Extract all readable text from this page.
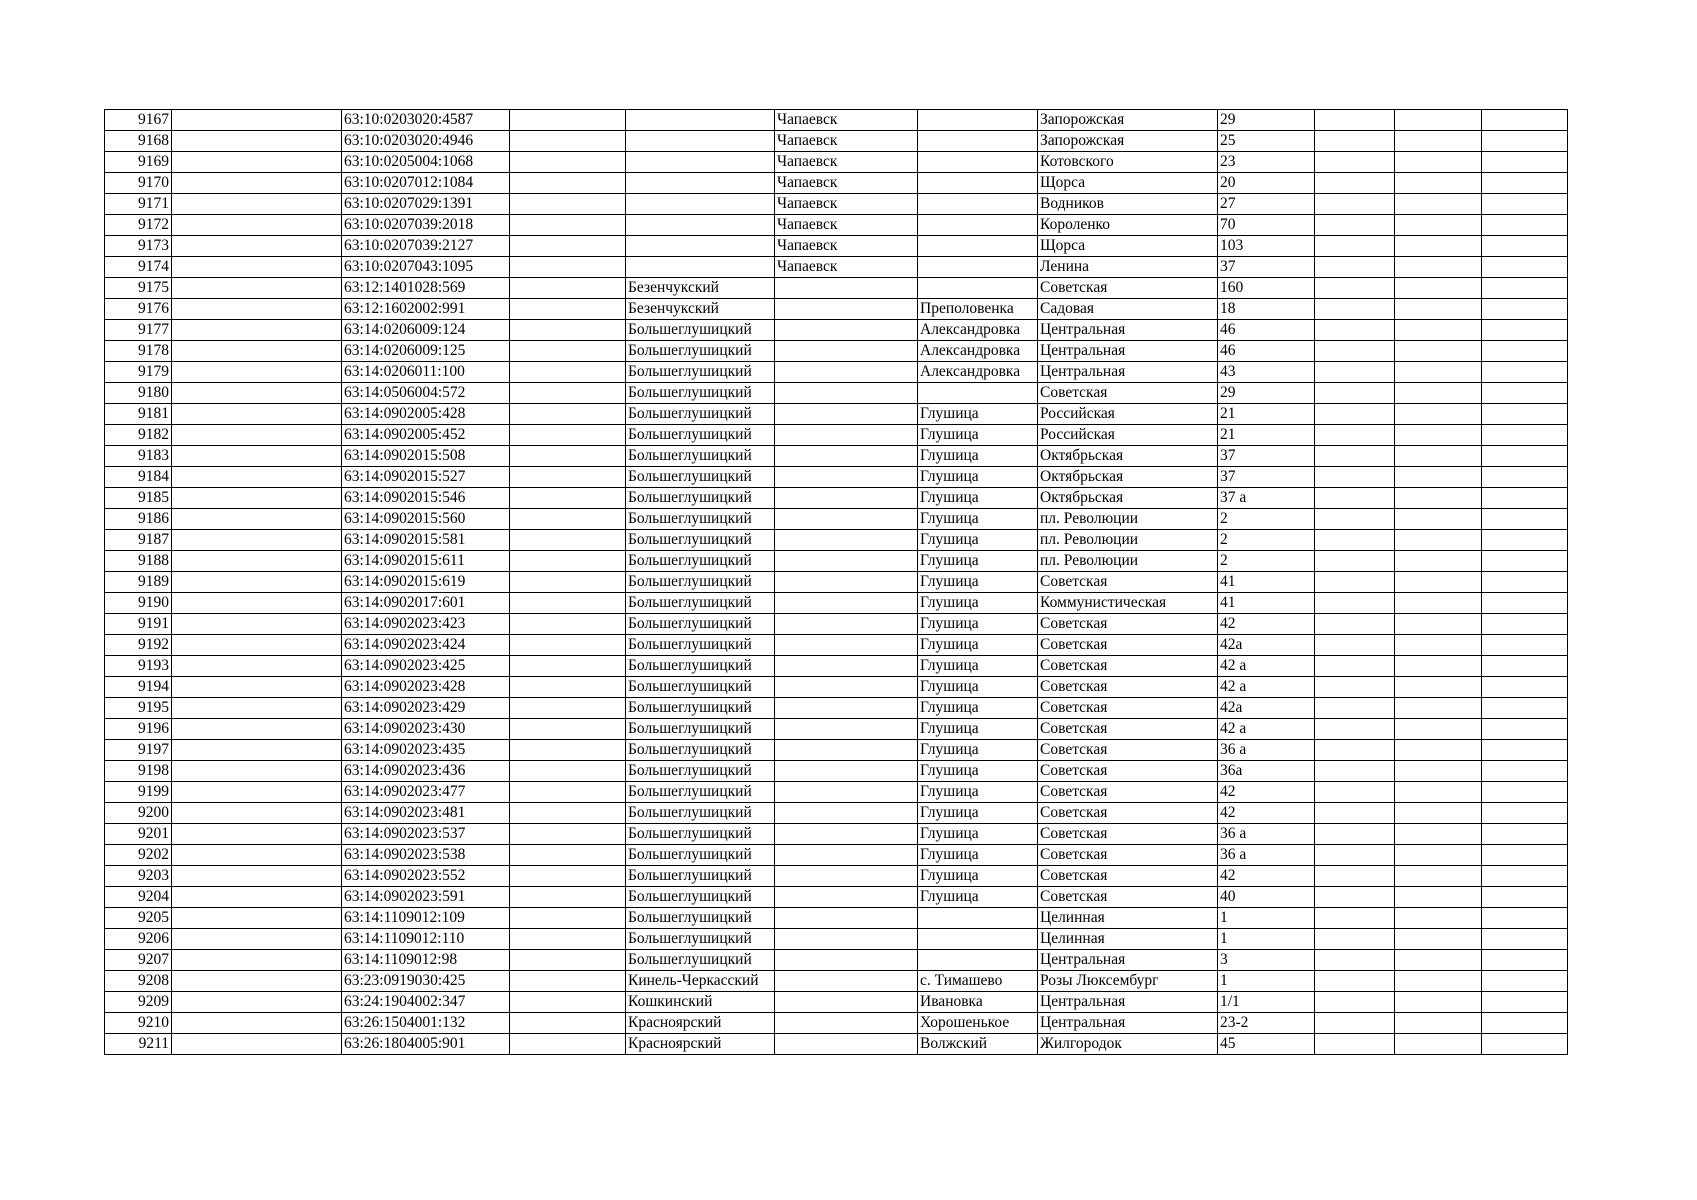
9167		63:10:0203020:4587			Чапаевск		Запорожская	29			
9168		63:10:0203020:4946			Чапаевск		Запорожская	25			
9169		63:10:0205004:1068			Чапаевск		Котовского	23			
9170		63:10:0207012:1084			Чапаевск		Щорса	20			
9171		63:10:0207029:1391			Чапаевск		Водников	27			
9172		63:10:0207039:2018			Чапаевск		Короленко	70			
9173		63:10:0207039:2127			Чапаевск		Щорса	103			
9174		63:10:0207043:1095			Чапаевск		Ленина	37			
9175		63:12:1401028:569		Безенчукский			Советская	160			
9176		63:12:1602002:991		Безенчукский		Преполовенка	Садовая	18			
9177		63:14:0206009:124		Большеглушицкий		Александровка	Центральная	46			
9178		63:14:0206009:125		Большеглушицкий		Александровка	Центральная	46			
9179		63:14:0206011:100		Большеглушицкий		Александровка	Центральная	43			
9180		63:14:0506004:572		Большеглушицкий			Советская	29			
9181		63:14:0902005:428		Большеглушицкий		Глушица	Российская	21			
9182		63:14:0902005:452		Большеглушицкий		Глушица	Российская	21			
9183		63:14:0902015:508		Большеглушицкий		Глушица	Октябрьская	37			
9184		63:14:0902015:527		Большеглушицкий		Глушица	Октябрьская	37			
9185		63:14:0902015:546		Большеглушицкий		Глушица	Октябрьская	37 а			
9186		63:14:0902015:560		Большеглушицкий		Глушица	пл. Революции	2			
9187		63:14:0902015:581		Большеглушицкий		Глушица	пл. Революции	2			
9188		63:14:0902015:611		Большеглушицкий		Глушица	пл. Революции	2			
9189		63:14:0902015:619		Большеглушицкий		Глушица	Советская	41			
9190		63:14:0902017:601		Большеглушицкий		Глушица	Коммунистическая	41			
9191		63:14:0902023:423		Большеглушицкий		Глушица	Советская	42			
9192		63:14:0902023:424		Большеглушицкий		Глушица	Советская	42а			
9193		63:14:0902023:425		Большеглушицкий		Глушица	Советская	42 а			
9194		63:14:0902023:428		Большеглушицкий		Глушица	Советская	42 а			
9195		63:14:0902023:429		Большеглушицкий		Глушица	Советская	42а			
9196		63:14:0902023:430		Большеглушицкий		Глушица	Советская	42 а			
9197		63:14:0902023:435		Большеглушицкий		Глушица	Советская	36 а			
9198		63:14:0902023:436		Большеглушицкий		Глушица	Советская	36а			
9199		63:14:0902023:477		Большеглушицкий		Глушица	Советская	42			
9200		63:14:0902023:481		Большеглушицкий		Глушица	Советская	42			
9201		63:14:0902023:537		Большеглушицкий		Глушица	Советская	36 а			
9202		63:14:0902023:538		Большеглушицкий		Глушица	Советская	36 а			
9203		63:14:0902023:552		Большеглушицкий		Глушица	Советская	42			
9204		63:14:0902023:591		Большеглушицкий		Глушица	Советская	40			
9205		63:14:1109012:109		Большеглушицкий			Целинная	1			
9206		63:14:1109012:110		Большеглушицкий			Целинная	1			
9207		63:14:1109012:98		Большеглушицкий			Центральная	3			
9208		63:23:0919030:425		Кинель-Черкасский		с. Тимашево	Розы Люксембург	1			
9209		63:24:1904002:347		Кошкинский		Ивановка	Центральная	1/1			
9210		63:26:1504001:132		Красноярский		Хорошенькое	Центральная	23-2			
9211		63:26:1804005:901		Красноярский		Волжский	Жилгородок	45			
